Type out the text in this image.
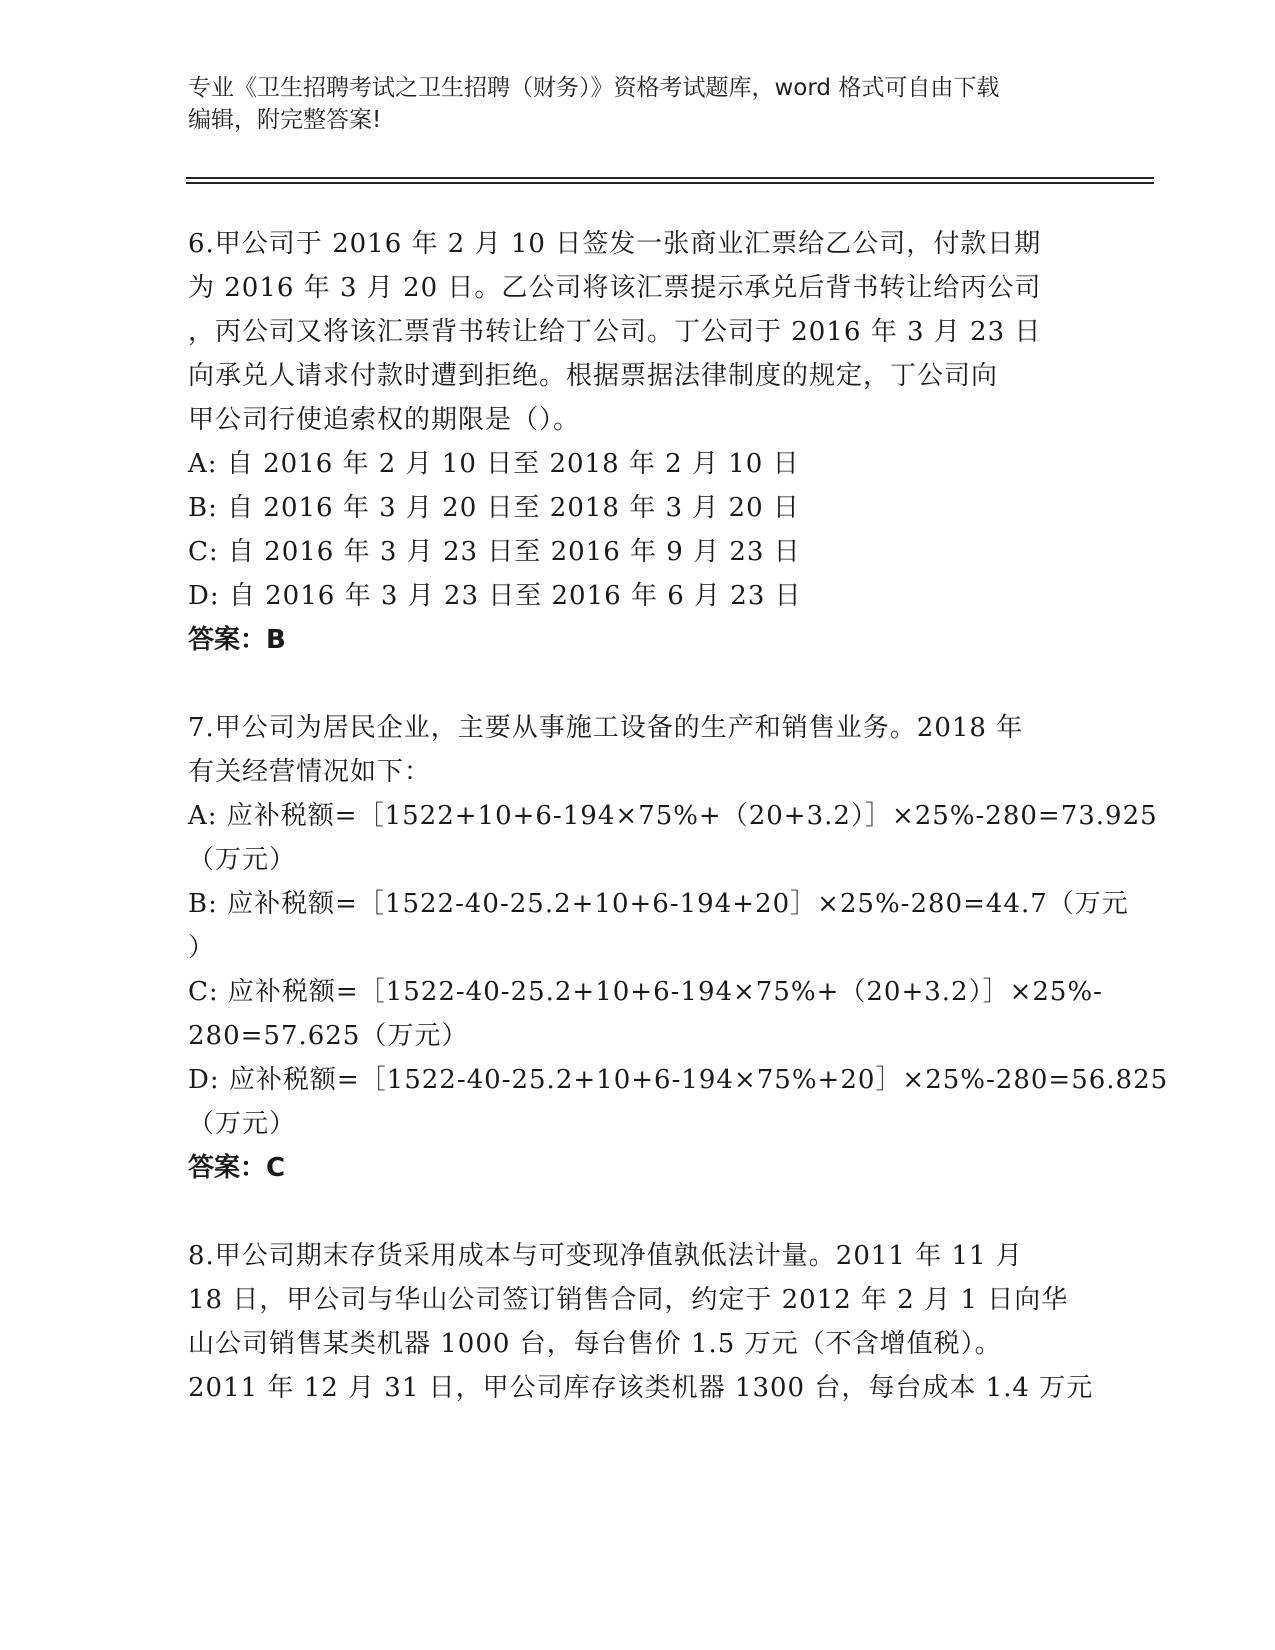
专业《卫生招聘考试之卫生招聘（财务）》资格考试题库，word 格式可自由下载
编辑，附完整答案!
6.甲公司于 2016 年 2 月 10 日签发一张商业汇票给乙公司，付款日期
为 2016 年 3 月 20 日。乙公司将该汇票提示承兑后背书转让给丙公司
，丙公司又将该汇票背书转让给丁公司。丁公司于 2016 年 3 月 23 日
向承兑人请求付款时遭到拒绝。根据票据法律制度的规定，丁公司向
甲公司行使追索权的期限是（）。
A: 自 2016 年 2 月 10 日至 2018 年 2 月 10 日
B: 自 2016 年 3 月 20 日至 2018 年 3 月 20 日
C: 自 2016 年 3 月 23 日至 2016 年 9 月 23 日
D: 自 2016 年 3 月 23 日至 2016 年 6 月 23 日
答案：B
7.甲公司为居民企业，主要从事施工设备的生产和销售业务。2018 年
有关经营情况如下：
A: 应补税额=［1522+10+6-194×75%+（20+3.2）］×25%-280=73.925
（万元）
B: 应补税额=［1522-40-25.2+10+6-194+20］×25%-280=44.7（万元
）
C: 应补税额=［1522-40-25.2+10+6-194×75%+（20+3.2）］×25%-
280=57.625（万元）
D: 应补税额=［1522-40-25.2+10+6-194×75%+20］×25%-280=56.825
（万元）
答案：C
8.甲公司期末存货采用成本与可变现净值孰低法计量。2011 年 11 月
18 日，甲公司与华山公司签订销售合同，约定于 2012 年 2 月 1 日向华
山公司销售某类机器 1000 台，每台售价 1.5 万元（不含增值税）。
2011 年 12 月 31 日，甲公司库存该类机器 1300 台，每台成本 1.4 万元
